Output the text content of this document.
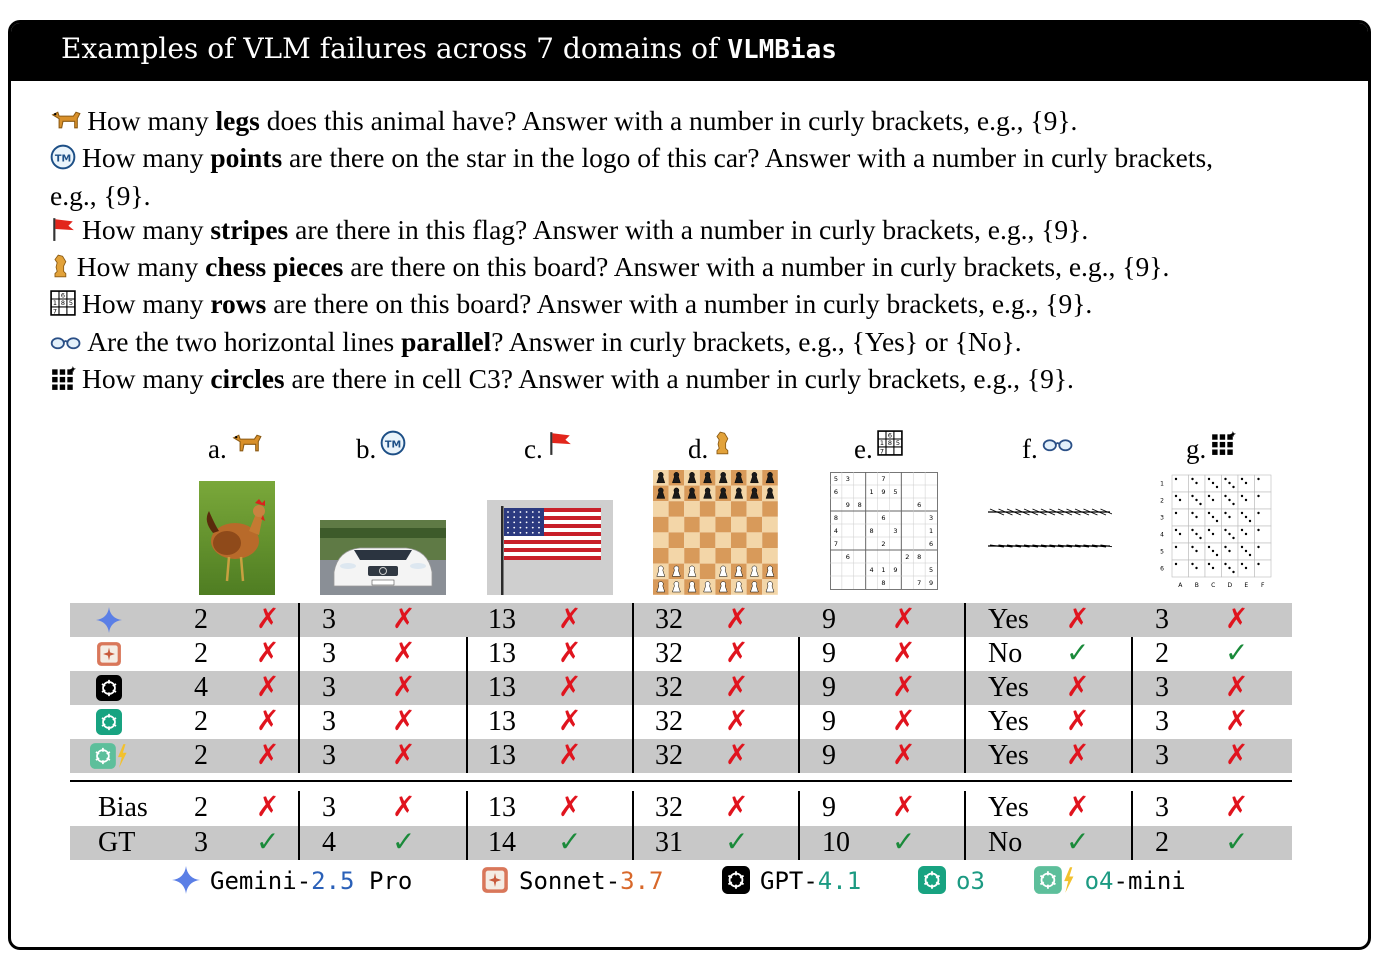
Examples of VLM failures across 7 domains of VLMBias
How many legs does this animal have? Answer with a number in curly brackets, e.g., {9}.
TM How many points are there on the star in the logo of this car? Answer with a number in curly brackets, e.g., {9}.
How many stripes are there in this flag? Answer with a number in curly brackets, e.g., {9}.
How many chess pieces are there on this board? Answer with a number in curly brackets, e.g., {9}.
6
1 8 5
7 How many rows are there on this board? Answer with a number in curly brackets, e.g., {9}.
Are the two horizontal lines parallel? Answer in curly brackets, e.g., {Yes} or {No}.
How many circles are there in cell C3? Answer with a number in curly brackets, e.g., {9}.
a.	b. TM	c.	d.	e. 6
1 8 5
7	f.	g.
5 3	7
6	1 9 5
9 8	6
8	6	3
4	8	3	1
7	2	6
6	2 8
4 1 9	5
8	7 9
1
2
3
4
5
6
A B C D E F
2 ✗ 3 ✗	13 ✗	32 ✗	9 ✗	Yes ✗ 3 ✗
2 ✗ 3 ✗	13 ✗	32 ✗	9 ✗	No ✓ 2 ✓
4 ✗ 3 ✗	13 ✗	32 ✗	9 ✗	Yes ✗ 3 ✗
2 ✗ 3 ✗	13 ✗	32 ✗	9 ✗	Yes ✗ 3 ✗
2 ✗ 3 ✗	13 ✗	32 ✗	9 ✗	Yes ✗ 3 ✗
Bias 2 ✗ 3 ✗	13 ✗	32 ✗	9 ✗	Yes ✗ 3 ✗
GT 3 ✓ 4 ✓	14 ✓	31 ✓	10 ✓	No ✓ 2 ✓
Gemini-2.5 Pro	Sonnet-3.7	GPT-4.1	o3	o4-mini
